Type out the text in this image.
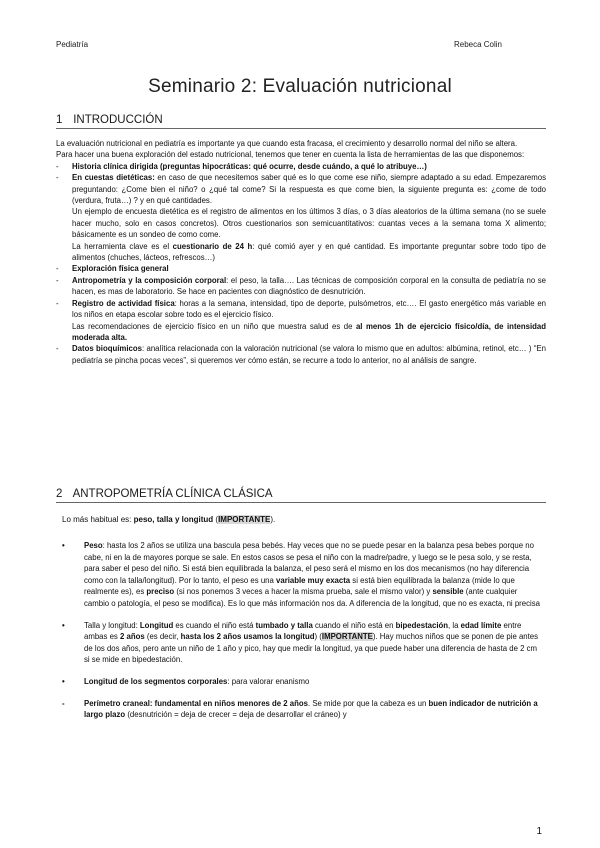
Pediatría	Rebeca Colin
Seminario 2: Evaluación nutricional
1 INTRODUCCIÓN

La evaluación nutricional en pediatría es importante ya que cuando esta fracasa, el crecimiento y desarrollo normal del niño se altera.

Para hacer una buena exploración del estado nutricional, tenemos que tener en cuenta la lista de herramientas de las que disponemos:

-	Historia clínica dirigida (preguntas hipocráticas: qué ocurre, desde cuándo, a qué lo atribuye…)
-	En cuestas dietéticas: en caso de que necesitemos saber qué es lo que come ese niño, siempre adaptado a su edad. Empezaremos preguntando: ¿Come bien el niño? o ¿qué tal come? Si la respuesta es que come bien, la siguiente pregunta es: ¿come de todo (verdura, fruta…) ? y en qué cantidades.

Un ejemplo de encuesta dietética es el registro de alimentos en los últimos 3 días, o 3 días aleatorios de la última semana (no se suele hacer mucho, solo en casos concretos). Otros cuestionarios son semicuantitativos: cuantas veces a la semana toma X alimento; básicamente es un sondeo de como come.

La herramienta clave es el cuestionario de 24 h: qué comió ayer y en qué cantidad. Es importante preguntar sobre todo tipo de alimentos (chuches, lácteos, refrescos…)

-	Exploración física general
-	Antropometría y la composición corporal: el peso, la talla…. Las técnicas de composición corporal en la consulta de pediatría no se hacen, es mas de laboratorio. Se hace en pacientes con diagnóstico de desnutrición.
-	Registro de actividad física: horas a la semana, intensidad, tipo de deporte, pulsómetros, etc…. El gasto energético más variable en los niños en etapa escolar sobre todo es el ejercicio físico.

Las recomendaciones de ejercicio físico en un niño que muestra salud es de al menos 1h de ejercicio físico/día, de intensidad moderada alta.

-	Datos bioquímicos: analítica relacionada con la valoración nutricional (se valora lo mismo que en adultos: albúmina, retinol, etc… ) “En pediatría se pincha pocas veces”, si queremos ver cómo están, se recurre a todo lo anterior, no al análisis de sangre.
2 ANTROPOMETRÍA CLÍNICA CLÁSICA
Lo más habitual es: peso, talla y longitud (IMPORTANTE).
•	Peso: hasta los 2 años se utiliza una bascula pesa bebés. Hay veces que no se puede pesar en la balanza pesa bebes porque no cabe, ni en la de mayores porque se sale. En estos casos se pesa el niño con la madre/padre, y luego se le pesa solo, y se resta, para saber el peso del niño. Si está bien equilibrada la balanza, el peso será el mismo en los dos mecanismos (no hay diferencia como con la talla/longitud). Por lo tanto, el peso es una variable muy exacta si está bien equilibrada la balanza (mide lo que realmente es), es preciso (si nos ponemos 3 veces a hacer la misma prueba, sale el mismo valor) y sensible (ante cualquier cambio o patología, el peso se modifica). Es lo que más información nos da. A diferencia de la longitud, que no es exacta, ni precisa
•	Talla y longitud: Longitud es cuando el niño está tumbado y talla cuando el niño está en bipedestación, la edad límite entre ambas es 2 años (es decir, hasta los 2 años usamos la longitud) (IMPORTANTE). Hay muchos niños que se ponen de pie antes de los dos años, pero ante un niño de 1 año y pico, hay que medir la longitud, ya que puede haber una diferencia de hasta de 2 cm si se mide en bipedestación.
•	Longitud de los segmentos corporales: para valorar enanismo
-	Perímetro craneal: fundamental en niños menores de 2 años. Se mide por que la cabeza es un buen indicador de nutrición a largo plazo (desnutrición = deja de crecer = deja de desarrollar el cráneo) y
1
